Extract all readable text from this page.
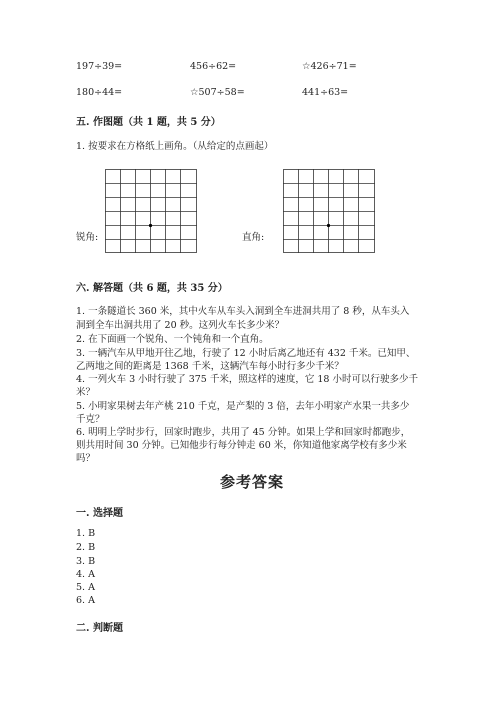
197÷39=	456÷62=	☆426÷71=
180÷44=	☆507÷58=	441÷63=
五. 作图题（共 1 题，共 5 分）
1. 按要求在方格纸上画角。（从给定的点画起）
锐角:	直角:
六. 解答题（共 6 题，共 35 分）
1. 一条隧道长 360 米，其中火车从车头入洞到全车进洞共用了 8 秒，从车头入
洞到全车出洞共用了 20 秒。这列火车长多少米？
2. 在下面画一个锐角、一个钝角和一个直角。
3. 一辆汽车从甲地开往乙地，行驶了 12 小时后离乙地还有 432 千米。已知甲、
乙两地之间的距离是 1368 千米，这辆汽车每小时行多少千米？
4. 一列火车 3 小时行驶了 375 千米，照这样的速度，它 18 小时可以行驶多少千
米？
5. 小明家果树去年产桃 210 千克，是产梨的 3 倍，去年小明家产水果一共多少
千克？
6. 明明上学时步行，回家时跑步，共用了 45 分钟。如果上学和回家时都跑步，
则共用时间 30 分钟。已知他步行每分钟走 60 米，你知道他家离学校有多少米
吗？
参考答案
一. 选择题
1. B
2. B
3. B
4. A
5. A
6. A
二. 判断题
